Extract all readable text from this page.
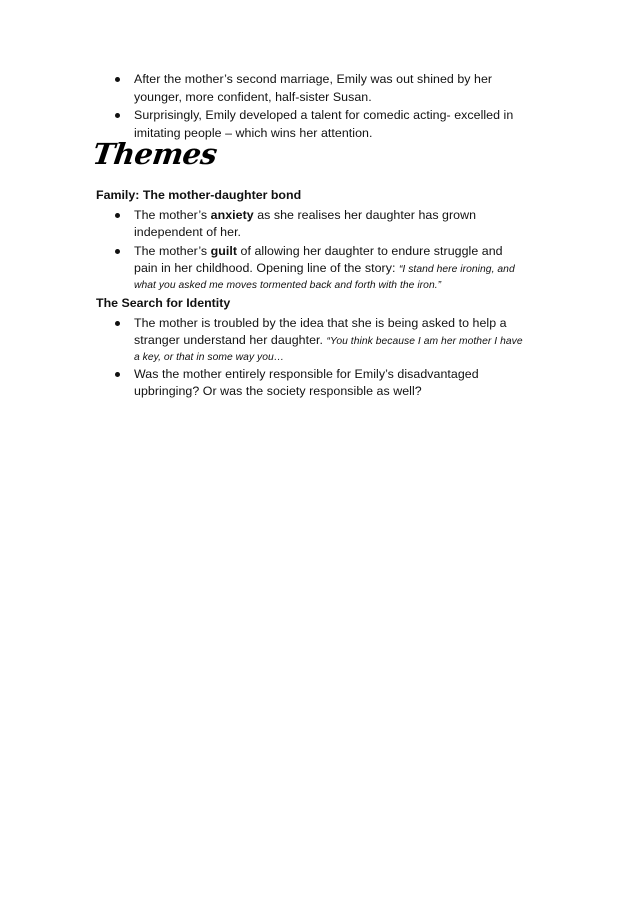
After the mother’s second marriage, Emily was out shined by her
younger, more confident, half-sister Susan.
Surprisingly, Emily developed a talent for comedic acting- excelled in
imitating people – which wins her attention.
Themes
Family: The mother-daughter bond
The mother’s anxiety as she realises her daughter has grown
independent of her.
The mother’s guilt of allowing her daughter to endure struggle and
pain in her childhood. Opening line of the story: “I stand here ironing, and
what you asked me moves tormented back and forth with the iron.”
The Search for Identity
The mother is troubled by the idea that she is being asked to help a
stranger understand her daughter. “You think because I am her mother I have
a key, or that in some way you…
Was the mother entirely responsible for Emily’s disadvantaged
upbringing? Or was the society responsible as well?
